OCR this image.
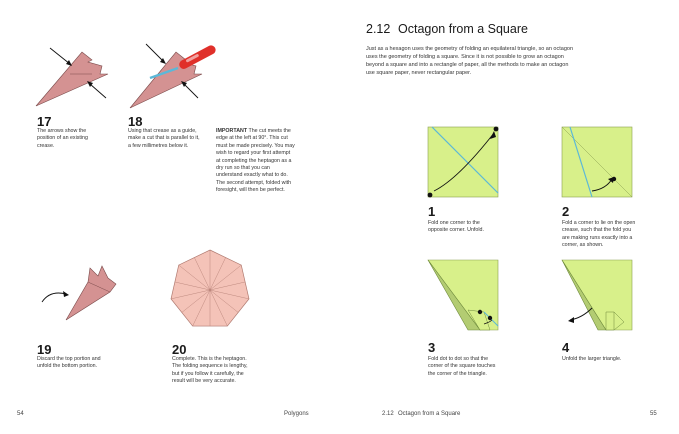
17
The arrows show the position of an existing crease.
18
Using that crease as a guide, make a cut that is parallel to it, a few millimetres below it.
IMPORTANT The cut meets the edge at the left at 90°. This cut must be made precisely. You may wish to regard your first attempt at completing the heptagon as a dry run so that you can understand exactly what to do. The second attempt, folded with foresight, will then be perfect.
19
Discard the top portion and unfold the bottom portion.
20
Complete. This is the heptagon. The folding sequence is lengthy, but if you follow it carefully, the result will be very accurate.
54	Polygons
2.12 Octagon from a Square
Just as a hexagon uses the geometry of folding an equilateral triangle, so an octagon uses the geometry of folding a square. Since it is not possible to grow an octagon beyond a square and into a rectangle of paper, all the methods to make an octagon use square paper, never rectangular paper.
1
Fold one corner to the opposite corner. Unfold.
2
Fold a corner to lie on the open crease, such that the fold you are making runs exactly into a corner, as shown.
3
Fold dot to dot so that the corner of the square touches the corner of the triangle.
4
Unfold the larger triangle.
2.12 Octagon from a Square	55
